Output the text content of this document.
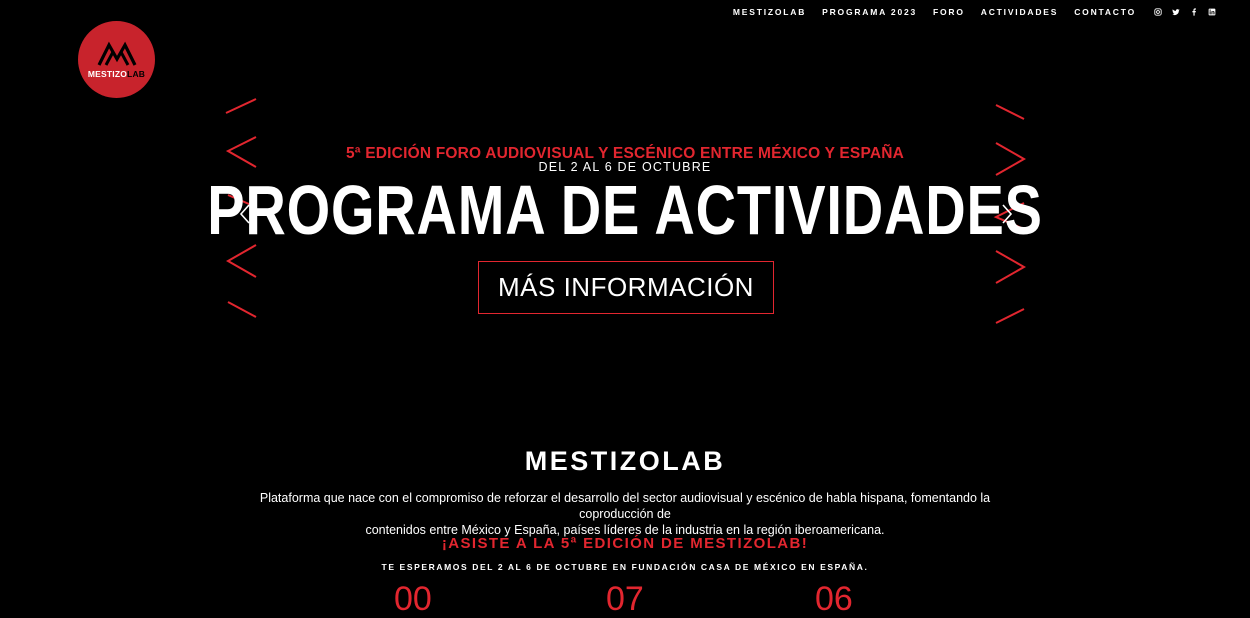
MESTIZOLAB PROGRAMA 2023 FORO ACTIVIDADES CONTACTO
MESTIZOLAB
5ª EDICIÓN FORO AUDIOVISUAL Y ESCÉNICO ENTRE MÉXICO Y ESPAÑA
DEL 2 AL 6 DE OCTUBRE
PROGRAMA DE ACTIVIDADES
MÁS INFORMACIÓN
MESTIZOLAB

Plataforma que nace con el compromiso de reforzar el desarrollo del sector audiovisual y escénico de habla hispana, fomentando la coproducción de
contenidos entre México y España, países líderes de la industria en la región iberoamericana.

¡ASISTE A LA 5ª EDICIÓN DE MESTIZOLAB!
TE ESPERAMOS DEL 2 AL 6 DE OCTUBRE EN FUNDACIÓN CASA DE MÉXICO EN ESPAÑA.
00	07	06
